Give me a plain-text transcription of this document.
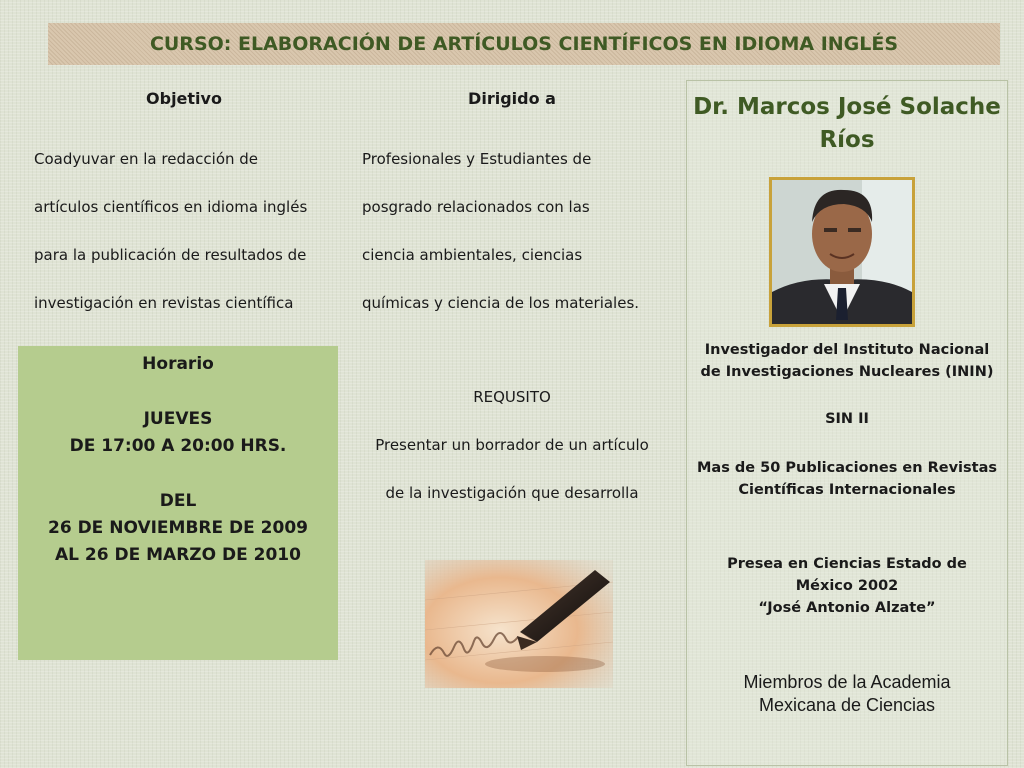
CURSO: ELABORACIÓN DE ARTÍCULOS CIENTÍFICOS EN IDIOMA INGLÉS
Objetivo
Coadyuvar en la redacción de
artículos científicos en idioma inglés
para la publicación de resultados de
investigación en revistas científica
Dirigido a
Profesionales y Estudiantes de
posgrado relacionados con las
ciencia ambientales, ciencias
químicas y ciencia de los materiales.
Horario
JUEVES
DE 17:00 A 20:00 HRS.
DEL
26 DE NOVIEMBRE DE 2009
AL 26 DE MARZO DE 2010
REQUSITO
Presentar un borrador de un artículo
de la investigación que desarrolla
Dr. Marcos José Solache
Ríos
Investigador del Instituto Nacional
de Investigaciones Nucleares (ININ)
SIN II
Mas de 50 Publicaciones en Revistas
Científicas Internacionales
Presea en Ciencias Estado de
México 2002
“José Antonio Alzate”
Miembros de la Academia
Mexicana de Ciencias
